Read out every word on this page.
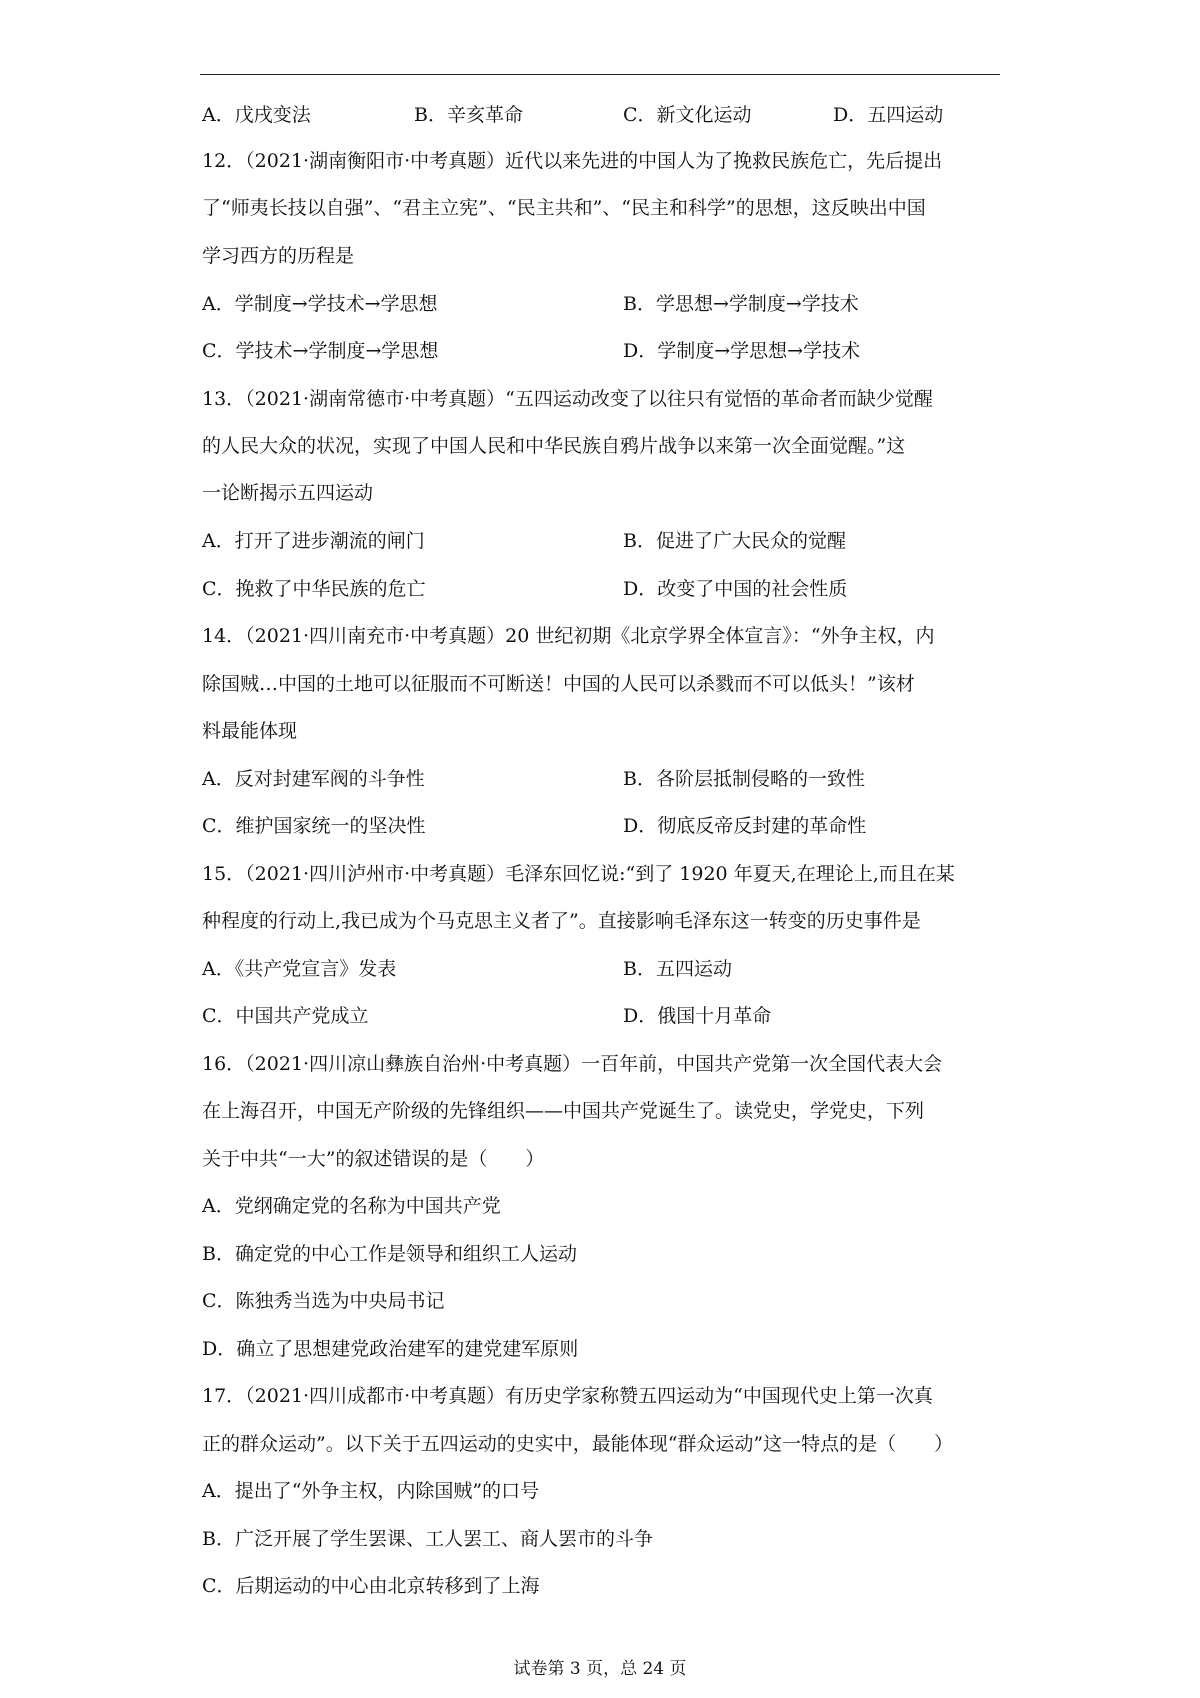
A．戊戌变法	B．辛亥革命	C．新文化运动	D．五四运动
12．（2021·湖南衡阳市·中考真题）近代以来先进的中国人为了挽救民族危亡，先后提出
了“师夷长技以自强”、“君主立宪”、“民主共和”、“民主和科学”的思想，这反映出中国
学习西方的历程是
A．学制度→学技术→学思想	B．学思想→学制度→学技术
C．学技术→学制度→学思想	D．学制度→学思想→学技术
13．（2021·湖南常德市·中考真题）“五四运动改变了以往只有觉悟的革命者而缺少觉醒
的人民大众的状况，实现了中国人民和中华民族自鸦片战争以来第一次全面觉醒。”这
一论断揭示五四运动
A．打开了进步潮流的闸门	B．促进了广大民众的觉醒
C．挽救了中华民族的危亡	D．改变了中国的社会性质
14．（2021·四川南充市·中考真题）20 世纪初期《北京学界全体宣言》：“外争主权，内
除国贼…中国的土地可以征服而不可断送！中国的人民可以杀戮而不可以低头！”该材
料最能体现
A．反对封建军阀的斗争性	B．各阶层抵制侵略的一致性
C．维护国家统一的坚决性	D．彻底反帝反封建的革命性
15．（2021·四川泸州市·中考真题）毛泽东回忆说:“到了 1920 年夏天,在理论上,而且在某
种程度的行动上,我已成为个马克思主义者了”。直接影响毛泽东这一转变的历史事件是
A．《共产党宣言》发表	B．五四运动
C．中国共产党成立	D．俄国十月革命
16．（2021·四川凉山彝族自治州·中考真题）一百年前，中国共产党第一次全国代表大会
在上海召开，中国无产阶级的先锋组织——中国共产党诞生了。读党史，学党史，下列
关于中共“一大”的叙述错误的是（　　）
A．党纲确定党的名称为中国共产党
B．确定党的中心工作是领导和组织工人运动
C．陈独秀当选为中央局书记
D．确立了思想建党政治建军的建党建军原则
17．（2021·四川成都市·中考真题）有历史学家称赞五四运动为“中国现代史上第一次真
正的群众运动”。以下关于五四运动的史实中，最能体现“群众运动”这一特点的是（　　）
A．提出了“外争主权，内除国贼”的口号
B．广泛开展了学生罢课、工人罢工、商人罢市的斗争
C．后期运动的中心由北京转移到了上海
试卷第 3 页，总 24 页
